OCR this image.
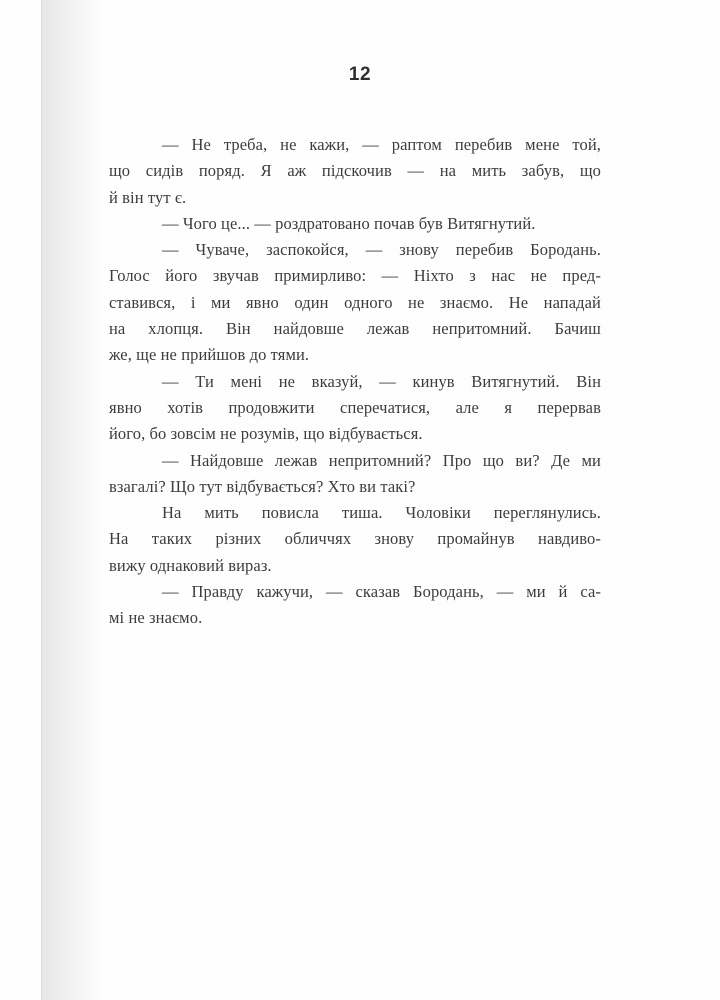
12
— Не треба, не кажи, — раптом перебив мене той,
що сидів поряд. Я аж підскочив — на мить забув, що
й він тут є.
— Чого це... — роздратовано почав був Витягнутий.
— Чуваче, заспокойся, — знову перебив Бородань.
Голос його звучав примирливо: — Ніхто з нас не пред-
ставився, і ми явно один одного не знаємо. Не нападай
на хлопця. Він найдовше лежав непритомний. Бачиш
же, ще не прийшов до тями.
— Ти мені не вказуй, — кинув Витягнутий. Він
явно хотів продовжити сперечатися, але я перервав
його, бо зовсім не розумів, що відбувається.
— Найдовше лежав непритомний? Про що ви? Де ми
взагалі? Що тут відбувається? Хто ви такі?
На мить повисла тиша. Чоловіки переглянулись.
На таких різних обличчях знову промайнув навдиво-
вижу однаковий вираз.
— Правду кажучи, — сказав Бородань, — ми й са-
мі не знаємо.
